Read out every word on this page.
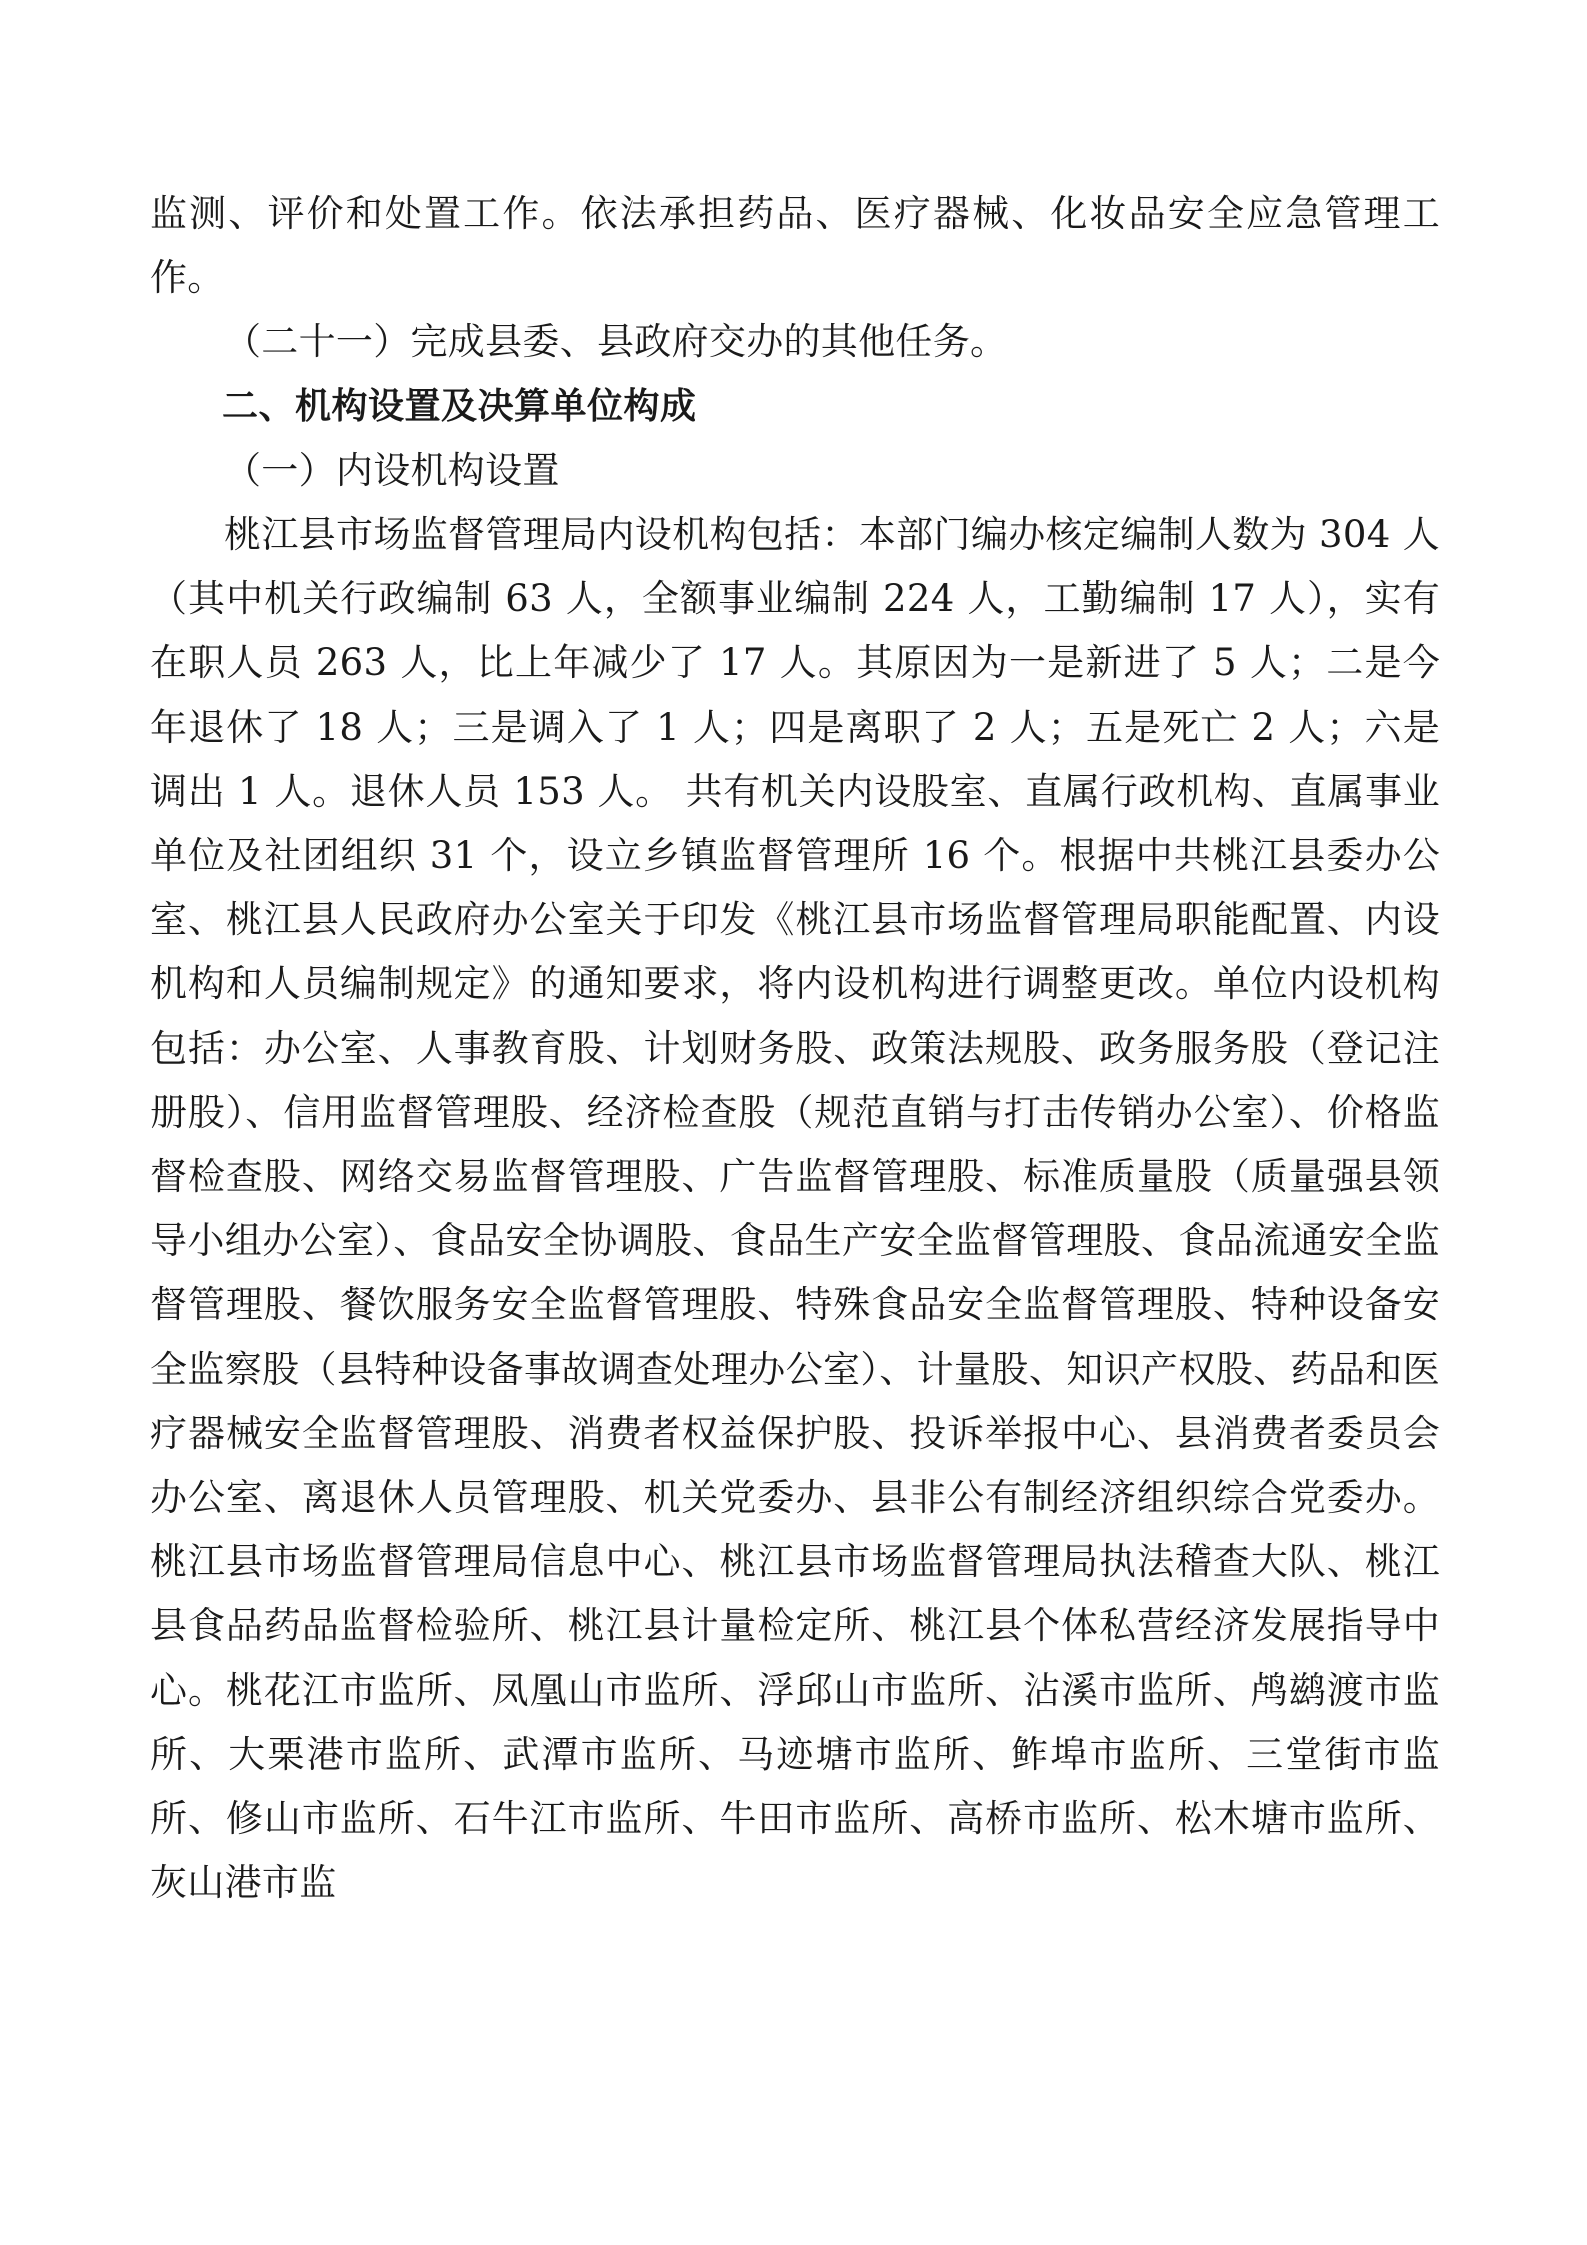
监测、评价和处置工作。依法承担药品、医疗器械、化妆品安全应急管理工作。

（二十一）完成县委、县政府交办的其他任务。

二、机构设置及决算单位构成

（一）内设机构设置

桃江县市场监督管理局内设机构包括：本部门编办核定编制人数为 304 人（其中机关行政编制 63 人，全额事业编制 224 人，工勤编制 17 人），实有在职人员 263 人，比上年减少了 17 人。其原因为一是新进了 5 人；二是今年退休了 18 人；三是调入了 1 人；四是离职了 2 人；五是死亡 2 人；六是调出 1 人。退休人员 153 人。 共有机关内设股室、直属行政机构、直属事业单位及社团组织 31 个，设立乡镇监督管理所 16 个。根据中共桃江县委办公室、桃江县人民政府办公室关于印发《桃江县市场监督管理局职能配置、内设机构和人员编制规定》的通知要求，将内设机构进行调整更改。单位内设机构包括：办公室、人事教育股、计划财务股、政策法规股、政务服务股（登记注册股）、信用监督管理股、经济检查股（规范直销与打击传销办公室）、价格监督检查股、网络交易监督管理股、广告监督管理股、标准质量股（质量强县领导小组办公室）、食品安全协调股、食品生产安全监督管理股、食品流通安全监督管理股、餐饮服务安全监督管理股、特殊食品安全监督管理股、特种设备安全监察股（县特种设备事故调查处理办公室）、计量股、知识产权股、药品和医疗器械安全监督管理股、消费者权益保护股、投诉举报中心、县消费者委员会办公室、离退休人员管理股、机关党委办、县非公有制经济组织综合党委办。桃江县市场监督管理局信息中心、桃江县市场监督管理局执法稽查大队、桃江县食品药品监督检验所、桃江县计量检定所、桃江县个体私营经济发展指导中心。桃花江市监所、凤凰山市监所、浮邱山市监所、沾溪市监所、鸬鹚渡市监所、大栗港市监所、武潭市监所、马迹塘市监所、鲊埠市监所、三堂街市监所、修山市监所、石牛江市监所、牛田市监所、高桥市监所、松木塘市监所、灰山港市监
